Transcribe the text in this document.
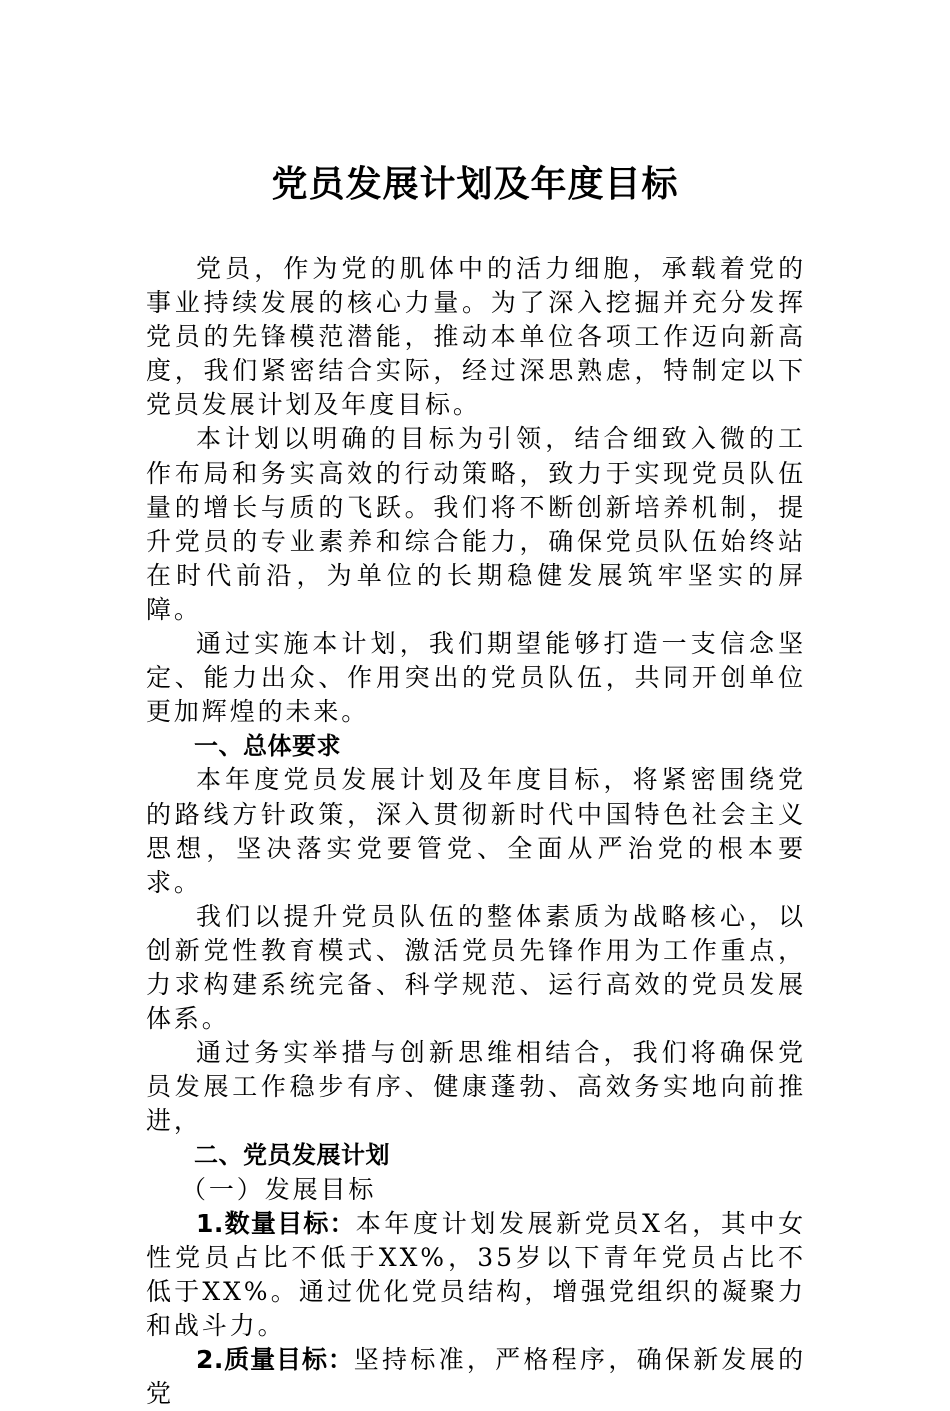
党员发展计划及年度目标

党员，作为党的肌体中的活力细胞，承载着党的事业持续发展的核心力量。为了深入挖掘并充分发挥党员的先锋模范潜能，推动本单位各项工作迈向新高度，我们紧密结合实际，经过深思熟虑，特制定以下党员发展计划及年度目标。

本计划以明确的目标为引领，结合细致入微的工作布局和务实高效的行动策略，致力于实现党员队伍量的增长与质的飞跃。我们将不断创新培养机制，提升党员的专业素养和综合能力，确保党员队伍始终站在时代前沿，为单位的长期稳健发展筑牢坚实的屏障。

通过实施本计划，我们期望能够打造一支信念坚定、能力出众、作用突出的党员队伍，共同开创单位更加辉煌的未来。

一、总体要求

本年度党员发展计划及年度目标，将紧密围绕党的路线方针政策，深入贯彻新时代中国特色社会主义思想，坚决落实党要管党、全面从严治党的根本要求。

我们以提升党员队伍的整体素质为战略核心，以创新党性教育模式、激活党员先锋作用为工作重点，力求构建系统完备、科学规范、运行高效的党员发展体系。

通过务实举措与创新思维相结合，我们将确保党员发展工作稳步有序、健康蓬勃、高效务实地向前推进，

二、党员发展计划

（一）发展目标

1.数量目标：本年度计划发展新党员X名，其中女性党员占比不低于XX%，35岁以下青年党员占比不低于XX%。通过优化党员结构，增强党组织的凝聚力和战斗力。

2.质量目标：坚持标准，严格程序，确保新发展的党
